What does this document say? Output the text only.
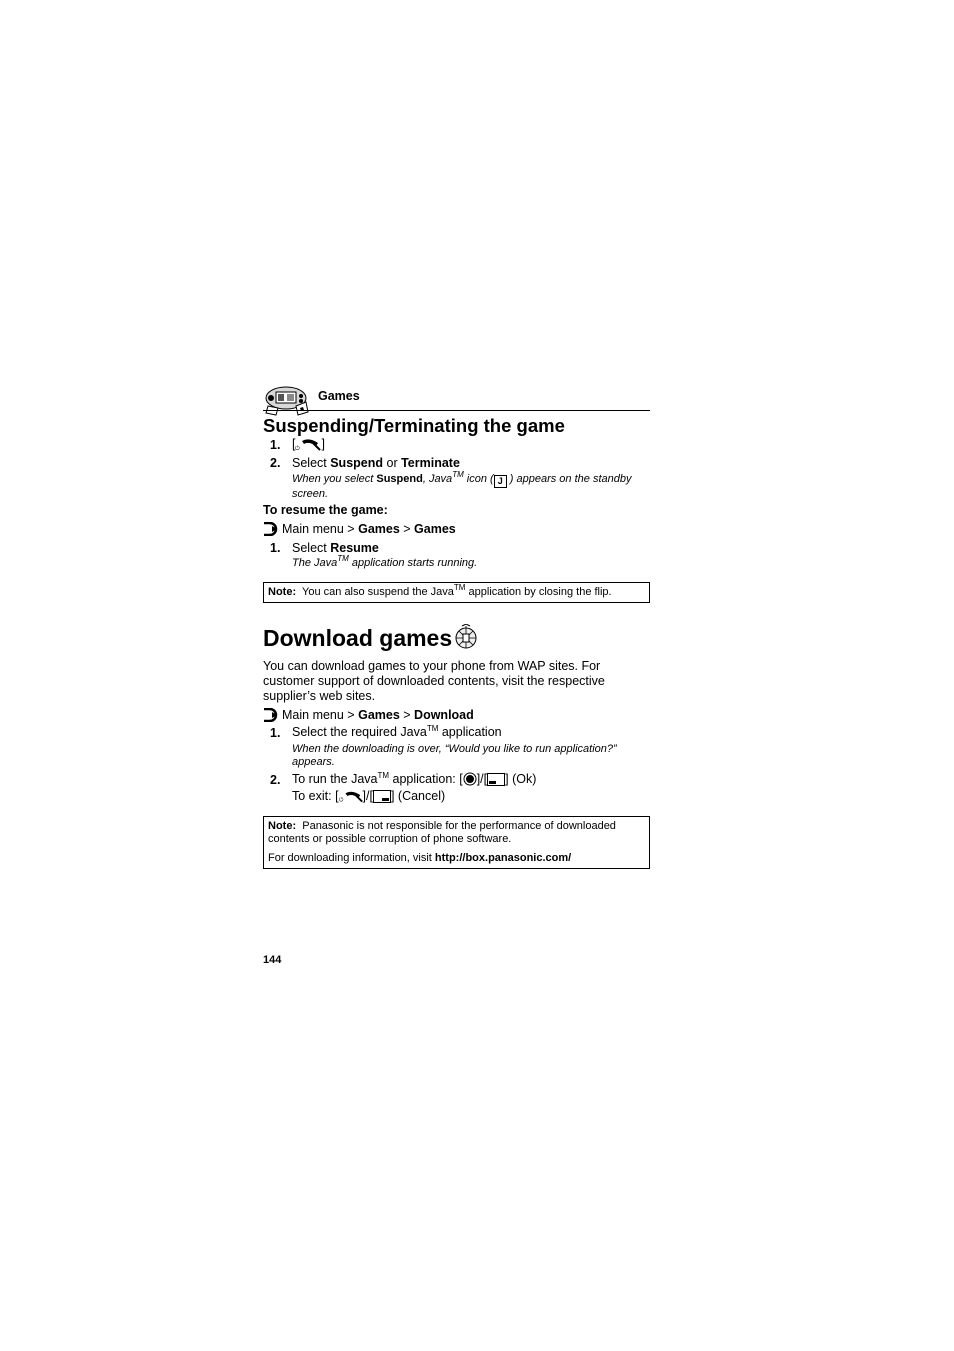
Games
Suspending/Terminating the game
1. [ ⏻ ]
2. Select Suspend or Terminate
When you select Suspend, Java™ icon ( J ) appears on the standby
screen.
To resume the game:
Main menu > Games > Games
1. Select Resume
The Java™ application starts running.
Note: You can also suspend the Java™ application by closing the flip.
Download games
You can download games to your phone from WAP sites. For
customer support of downloaded contents, visit the respective
supplier’s web sites.
Main menu > Games > Download
1. Select the required Java™ application
When the downloading is over, “Would you like to run application?”
appears.
2. To run the Java™ application: [ ]/[ ] (Ok)
To exit: [ ⏻ ]/[ ] (Cancel)
Note: Panasonic is not responsible for the performance of downloaded
contents or possible corruption of phone software.
For downloading information, visit http://box.panasonic.com/
144
